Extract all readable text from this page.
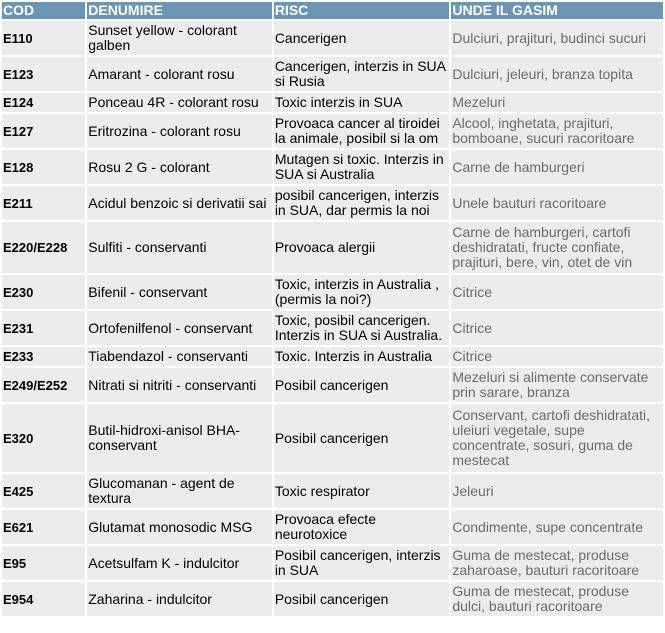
COD	DENUMIRE	RISC	UNDE IL GASIM
E110	Sunset yellow - colorant galben	Cancerigen	Dulciuri, prajituri, budinci sucuri
E123	Amarant - colorant rosu	Cancerigen, interzis in SUA si Rusia	Dulciuri, jeleuri, branza topita
E124	Ponceau 4R - colorant rosu	Toxic interzis in SUA	Mezeluri
E127	Eritrozina - colorant rosu	Provoaca cancer al tiroidei la animale, posibil si la om	Alcool, inghetata, prajituri, bomboane, sucuri racoritoare
E128	Rosu 2 G - colorant	Mutagen si toxic. Interzis in SUA si Australia	Carne de hamburgeri
E211	Acidul benzoic si derivatii sai	posibil cancerigen, interzis in SUA, dar permis la noi	Unele bauturi racoritoare
E220/E228	Sulfiti - conservanti	Provoaca alergii	Carne de hamburgeri, cartofi deshidratati, fructe confiate, prajituri, bere, vin, otet de vin
E230	Bifenil - conservant	Toxic, interzis in Australia , (permis la noi?)	Citrice
E231	Ortofenilfenol - conservant	Toxic, posibil cancerigen. Interzis in SUA si Australia.	Citrice
E233	Tiabendazol - conservanti	Toxic. Interzis in Australia	Citrice
E249/E252	Nitrati si nitriti - conservanti	Posibil cancerigen	Mezeluri si alimente conservate prin sarare, branza
E320	Butil-hidroxi-anisol BHA- conservant	Posibil cancerigen	Conservant, cartofi deshidratati, uleiuri vegetale, supe concentrate, sosuri, guma de mestecat
E425	Glucomanan - agent de textura	Toxic respirator	Jeleuri
E621	Glutamat monosodic MSG	Provoaca efecte neurotoxice	Condimente, supe concentrate
E95	Acetsulfam K - indulcitor	Posibil cancerigen, interzis in SUA	Guma de mestecat, produse zaharoase, bauturi racoritoare
E954	Zaharina - indulcitor	Posibil cancerigen	Guma de mestecat, produse dulci, bauturi racoritoare
